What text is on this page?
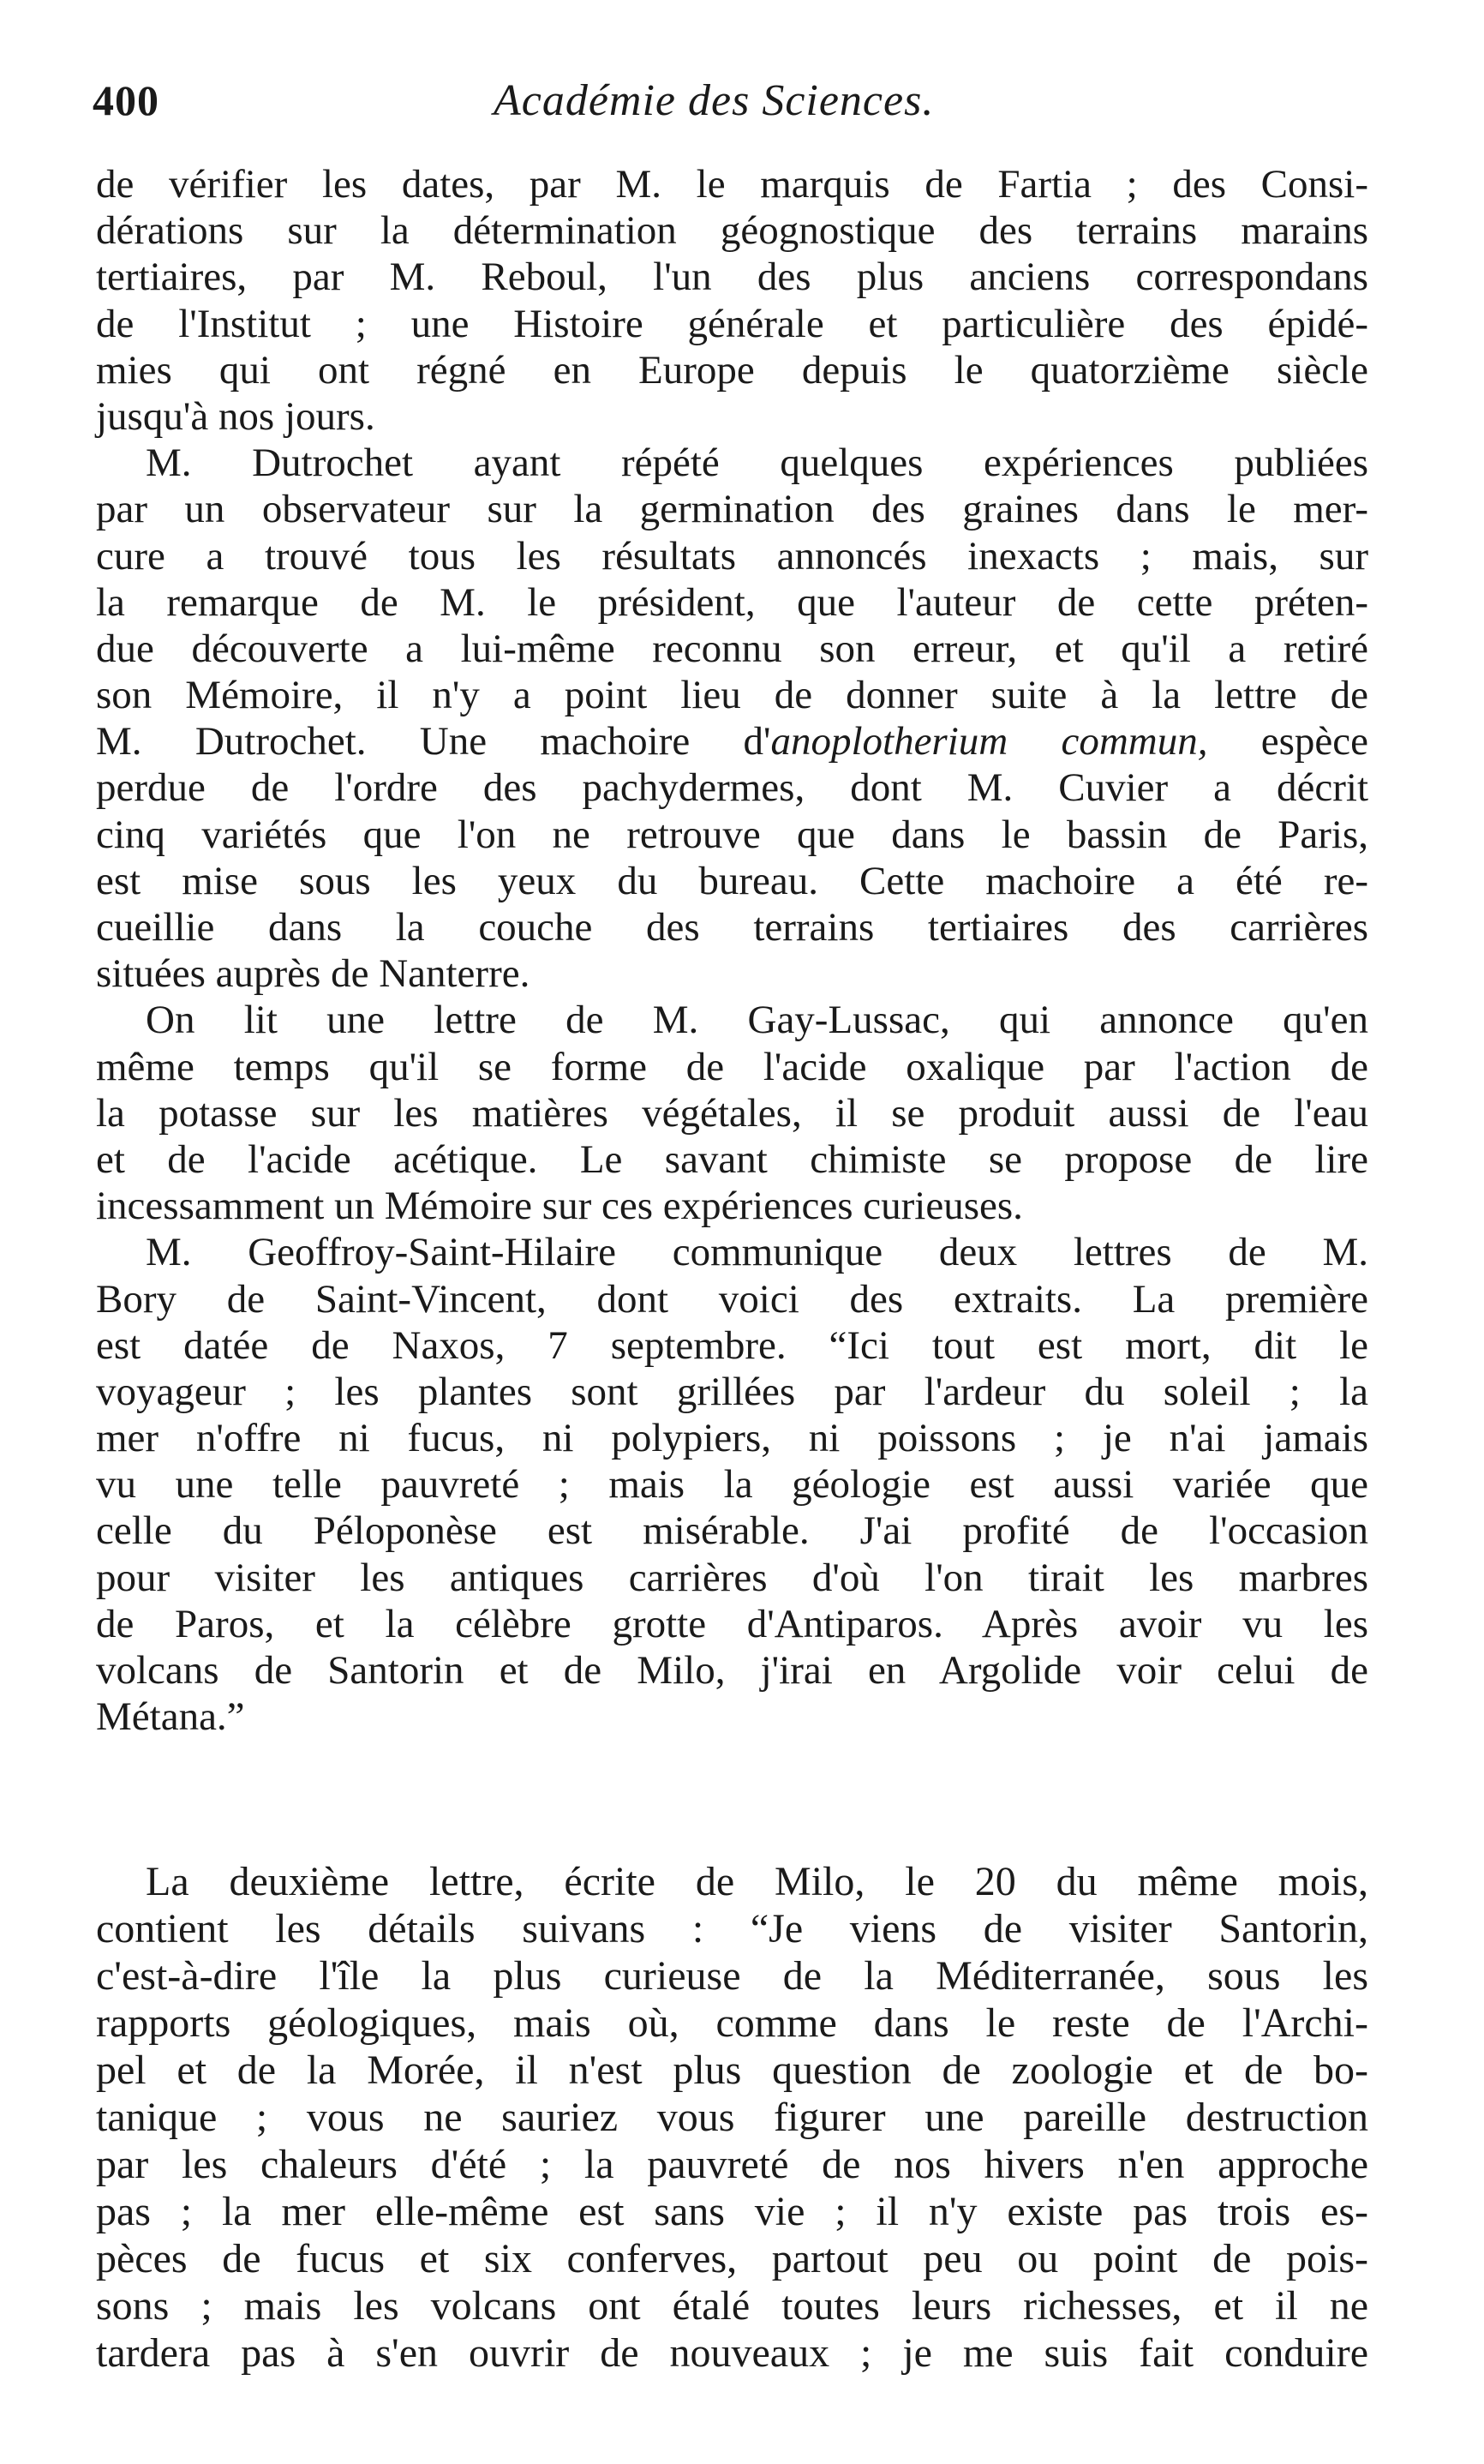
400	Académie des Sciences.
de vérifier les dates, par M. le marquis de Fartia ; des Consi-
dérations sur la détermination géognostique des terrains marains
tertiaires, par M. Reboul, l'un des plus anciens correspondans
de l'Institut ; une Histoire générale et particulière des épidé-
mies qui ont régné en Europe depuis le quatorzième siècle
jusqu'à nos jours.
M. Dutrochet ayant répété quelques expériences publiées
par un observateur sur la germination des graines dans le mer-
cure a trouvé tous les résultats annoncés inexacts ; mais, sur
la remarque de M. le président, que l'auteur de cette préten-
due découverte a lui-même reconnu son erreur, et qu'il a retiré
son Mémoire, il n'y a point lieu de donner suite à la lettre de
M. Dutrochet. Une machoire d'anoplotherium commun, espèce
perdue de l'ordre des pachydermes, dont M. Cuvier a décrit
cinq variétés que l'on ne retrouve que dans le bassin de Paris,
est mise sous les yeux du bureau. Cette machoire a été re-
cueillie dans la couche des terrains tertiaires des carrières
situées auprès de Nanterre.
On lit une lettre de M. Gay-Lussac, qui annonce qu'en
même temps qu'il se forme de l'acide oxalique par l'action de
la potasse sur les matières végétales, il se produit aussi de l'eau
et de l'acide acétique. Le savant chimiste se propose de lire
incessamment un Mémoire sur ces expériences curieuses.
M. Geoffroy-Saint-Hilaire communique deux lettres de M.
Bory de Saint-Vincent, dont voici des extraits. La première
est datée de Naxos, 7 septembre. “Ici tout est mort, dit le
voyageur ; les plantes sont grillées par l'ardeur du soleil ; la
mer n'offre ni fucus, ni polypiers, ni poissons ; je n'ai jamais
vu une telle pauvreté ; mais la géologie est aussi variée que
celle du Péloponèse est misérable. J'ai profité de l'occasion
pour visiter les antiques carrières d'où l'on tirait les marbres
de Paros, et la célèbre grotte d'Antiparos. Après avoir vu les
volcans de Santorin et de Milo, j'irai en Argolide voir celui de
Métana.”
La deuxième lettre, écrite de Milo, le 20 du même mois,
contient les détails suivans : “Je viens de visiter Santorin,
c'est-à-dire l'île la plus curieuse de la Méditerranée, sous les
rapports géologiques, mais où, comme dans le reste de l'Archi-
pel et de la Morée, il n'est plus question de zoologie et de bo-
tanique ; vous ne sauriez vous figurer une pareille destruction
par les chaleurs d'été ; la pauvreté de nos hivers n'en approche
pas ; la mer elle-même est sans vie ; il n'y existe pas trois es-
pèces de fucus et six conferves, partout peu ou point de pois-
sons ; mais les volcans ont étalé toutes leurs richesses, et il ne
tardera pas à s'en ouvrir de nouveaux ; je me suis fait conduire
